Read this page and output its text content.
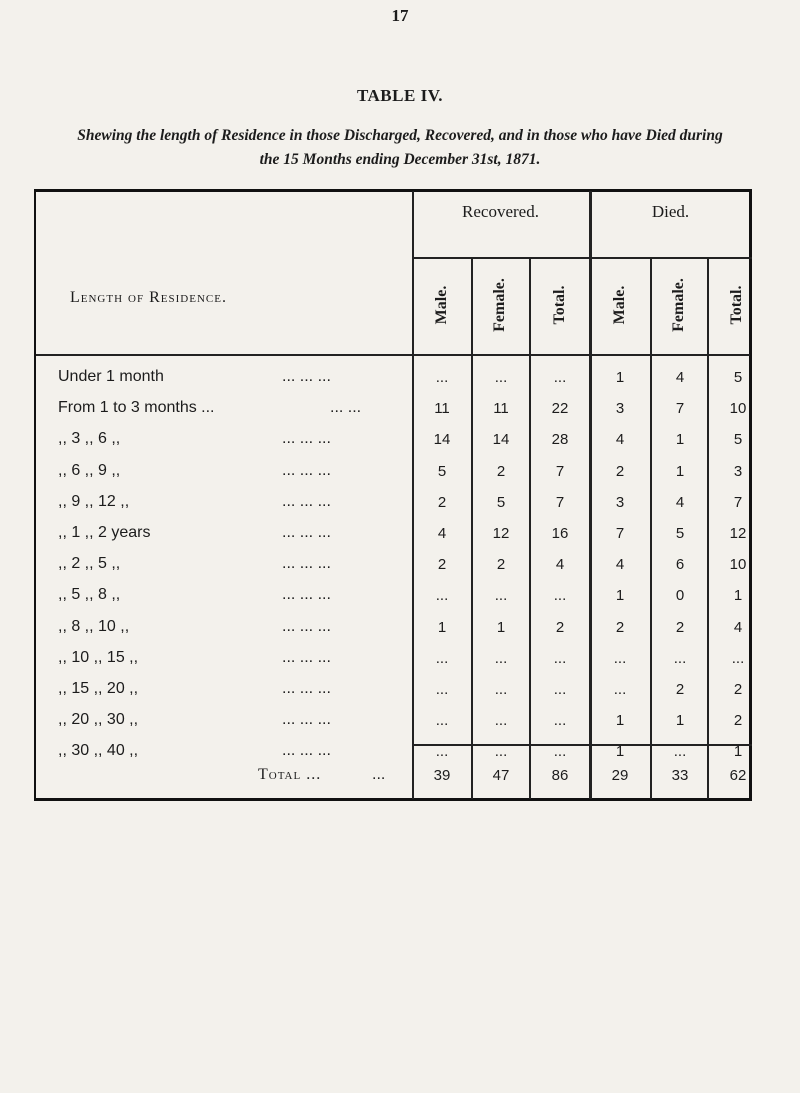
17
TABLE IV.
Shewing the length of Residence in those Discharged, Recovered, and in those who have Died during
the 15 Months ending December 31st, 1871.
Recovered.	Died.
Length of Residence.	Male.	Female.	Total.	Male.	Female.	Total.
Under 1 month	... ... ...	...	...	...	1	4	5
From 1 to 3 months ...	... ...	11	11	22	3	7	10
,, 3 ,, 6 ,,	... ... ...	14	14	28	4	1	5
,, 6 ,, 9 ,,	... ... ...	5	2	7	2	1	3
,, 9 ,, 12 ,,	... ... ...	2	5	7	3	4	7
,, 1 ,, 2 years	... ... ...	4	12	16	7	5	12
,, 2 ,, 5 ,,	... ... ...	2	2	4	4	6	10
,, 5 ,, 8 ,,	... ... ...	...	...	...	1	0	1
,, 8 ,, 10 ,,	... ... ...	1	1	2	2	2	4
,, 10 ,, 15 ,,	... ... ...	...	...	...	...	...	...
,, 15 ,, 20 ,,	... ... ...	...	...	...	...	2	2
,, 20 ,, 30 ,,	... ... ...	...	...	...	1	1	2
,, 30 ,, 40 ,,	... ... ...	...	...	...	1	...	1
Total ...	...	39	47	86	29	33	62
